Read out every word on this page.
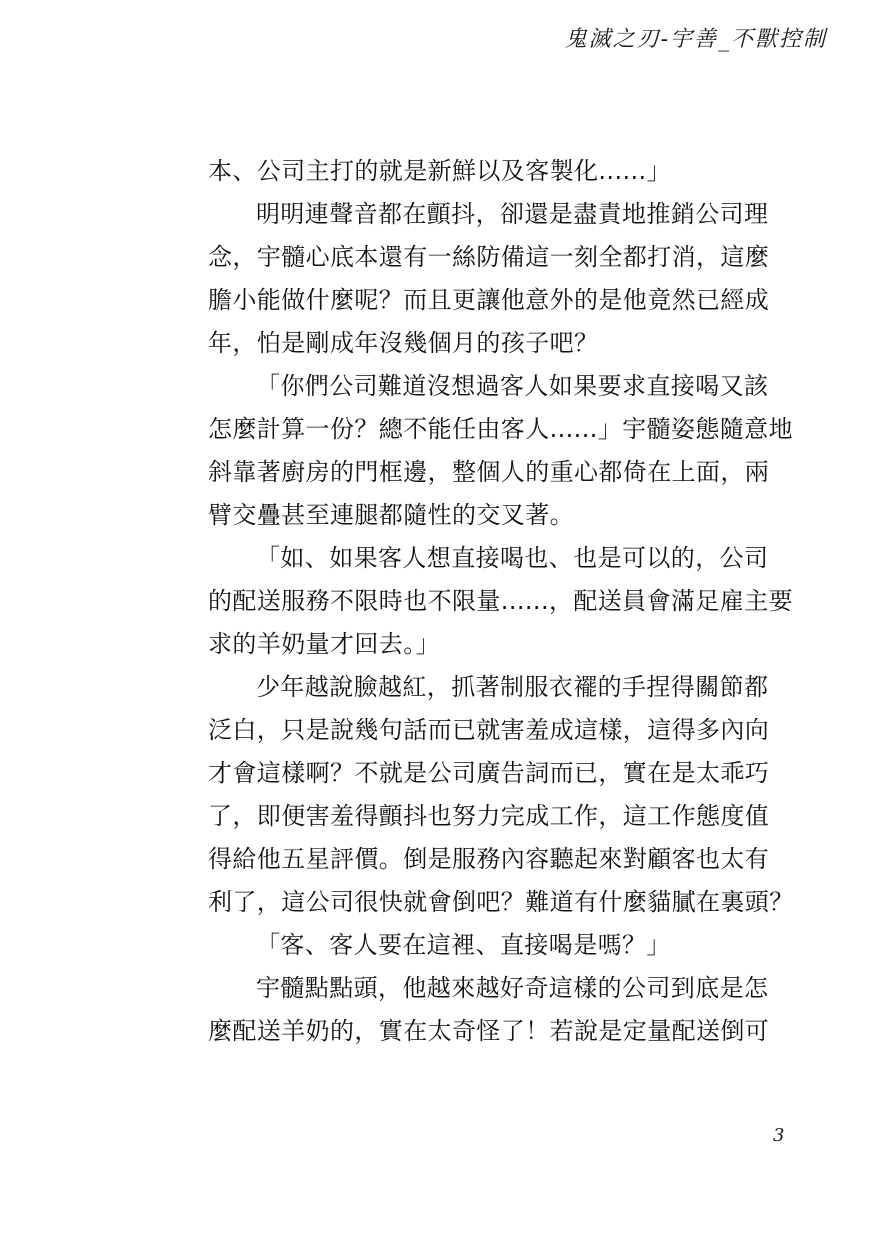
鬼滅之刃-宇善_不獸控制
本、公司主打的就是新鮮以及客製化......」
明明連聲音都在顫抖，卻還是盡責地推銷公司理
念，宇髓心底本還有一絲防備這一刻全都打消，這麼
膽小能做什麼呢？而且更讓他意外的是他竟然已經成
年，怕是剛成年沒幾個月的孩子吧？
「你們公司難道沒想過客人如果要求直接喝又該
怎麼計算一份？總不能任由客人......」宇髓姿態隨意地
斜靠著廚房的門框邊，整個人的重心都倚在上面，兩
臂交疊甚至連腿都隨性的交叉著。
「如、如果客人想直接喝也、也是可以的，公司
的配送服務不限時也不限量......，配送員會滿足雇主要
求的羊奶量才回去。」
少年越說臉越紅，抓著制服衣襬的手捏得關節都
泛白，只是說幾句話而已就害羞成這樣，這得多內向
才會這樣啊？不就是公司廣告詞而已，實在是太乖巧
了，即便害羞得顫抖也努力完成工作，這工作態度值
得給他五星評價。倒是服務內容聽起來對顧客也太有
利了，這公司很快就會倒吧？難道有什麼貓膩在裏頭？
「客、客人要在這裡、直接喝是嗎？」
宇髓點點頭，他越來越好奇這樣的公司到底是怎
麼配送羊奶的，實在太奇怪了！若說是定量配送倒可
3
